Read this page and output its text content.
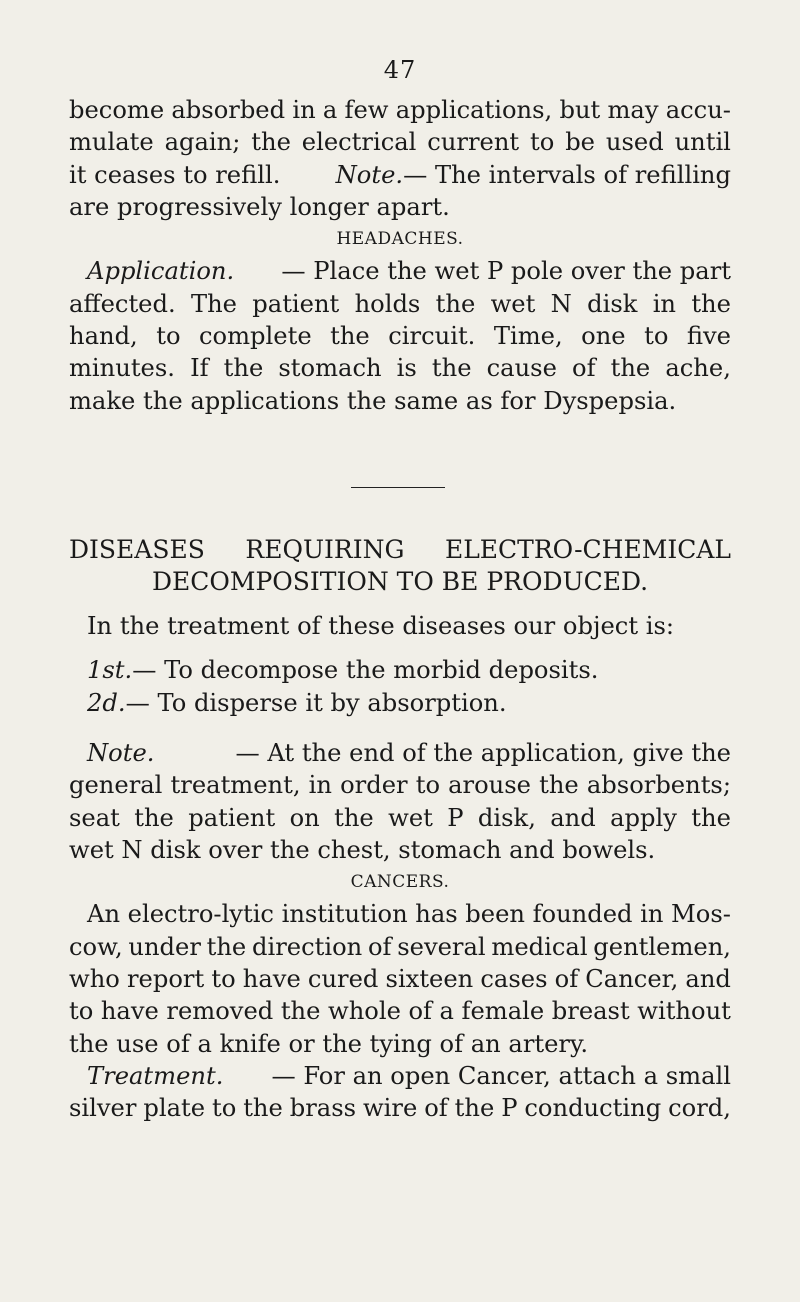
47
become absorbed in a few applications, but may accu-
mulate again; the electrical current to be used until
it ceases to refill. Note.— The intervals of refilling
are progressively longer apart.
HEADACHES.
Application. — Place the wet P pole over the part
affected. The patient holds the wet N disk in the
hand, to complete the circuit. Time, one to five
minutes. If the stomach is the cause of the ache,
make the applications the same as for Dyspepsia.
DISEASES REQUIRING ELECTRO-CHEMICAL
DECOMPOSITION TO BE PRODUCED.
In the treatment of these diseases our object is:
1st. — To decompose the morbid deposits.
2d. — To disperse it by absorption.
Note.	— At the end of the application, give the
general treatment, in order to arouse the absorbents;
seat the patient on the wet P disk, and apply the
wet N disk over the chest, stomach and bowels.
CANCERS.
An electro-lytic institution has been founded in Mos-
cow, under the direction of several medical gentlemen,
who report to have cured sixteen cases of Cancer, and
to have removed the whole of a female breast without
the use of a knife or the tying of an artery.
Treatment. — For an open Cancer, attach a small
silver plate to the brass wire of the P conducting cord,
